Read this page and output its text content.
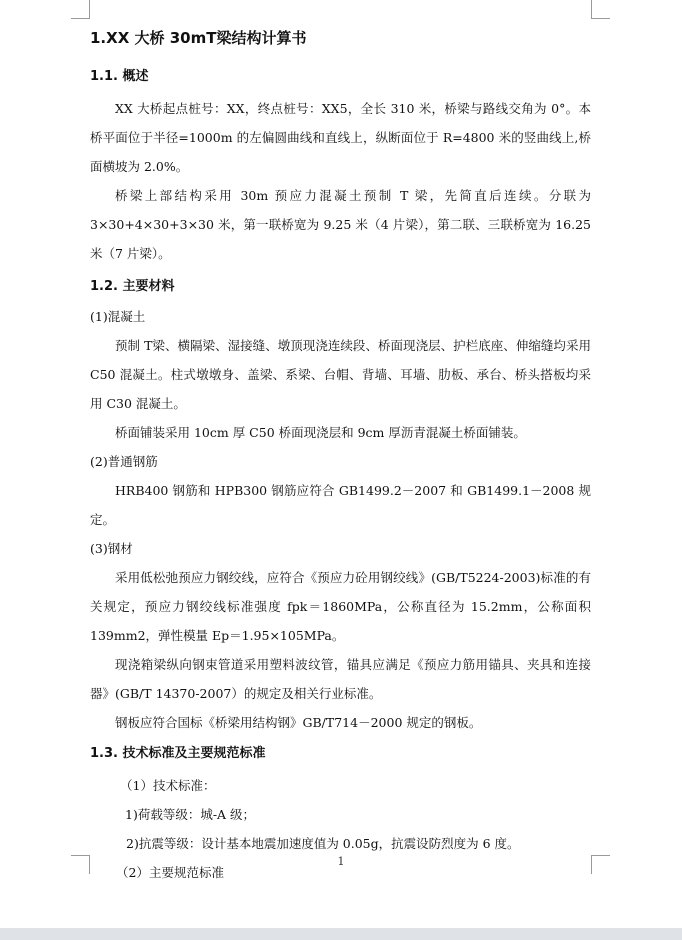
1.XX 大桥 30mT梁结构计算书
1.1. 概述

XX 大桥起点桩号：XX，终点桩号：XX5，全长 310 米，桥梁与路线交角为 0°。本桥平面位于半径=1000m 的左偏圆曲线和直线上，纵断面位于 R=4800 米的竖曲线上,桥面横坡为 2.0%。

桥梁上部结构采用 30m 预应力混凝土预制 T 梁，先简直后连续。分联为 3×30+4×30+3×30 米，第一联桥宽为 9.25 米（4 片梁），第二联、三联桥宽为 16.25 米（7 片梁）。

1.2. 主要材料
(1)混凝土

预制 T梁、横隔梁、湿接缝、墩顶现浇连续段、桥面现浇层、护栏底座、伸缩缝均采用 C50 混凝土。柱式墩墩身、盖梁、系梁、台帽、背墙、耳墙、肋板、承台、桥头搭板均采用 C30 混凝土。

桥面铺装采用 10cm 厚 C50 桥面现浇层和 9cm 厚沥青混凝土桥面铺装。

(2)普通钢筋

HRB400 钢筋和 HPB300 钢筋应符合 GB1499.2－2007 和 GB1499.1－2008 规定。

(3)钢材

采用低松弛预应力钢绞线，应符合《预应力砼用钢绞线》(GB/T5224-2003)标准的有关规定，预应力钢绞线标准强度 fpk＝1860MPa，公称直径为 15.2mm，公称面积 139mm2，弹性模量 Ep＝1.95×105MPa。

现浇箱梁纵向钢束管道采用塑料波纹管，锚具应满足《预应力筋用锚具、夹具和连接器》(GB/T 14370-2007）的规定及相关行业标准。

钢板应符合国标《桥梁用结构钢》GB/T714－2000 规定的钢板。

1.3. 技术标准及主要规范标准
（1）技术标准：
1)荷载等级：城-A 级；
2)抗震等级：设计基本地震加速度值为 0.05g，抗震设防烈度为 6 度。
（2）主要规范标准
1
